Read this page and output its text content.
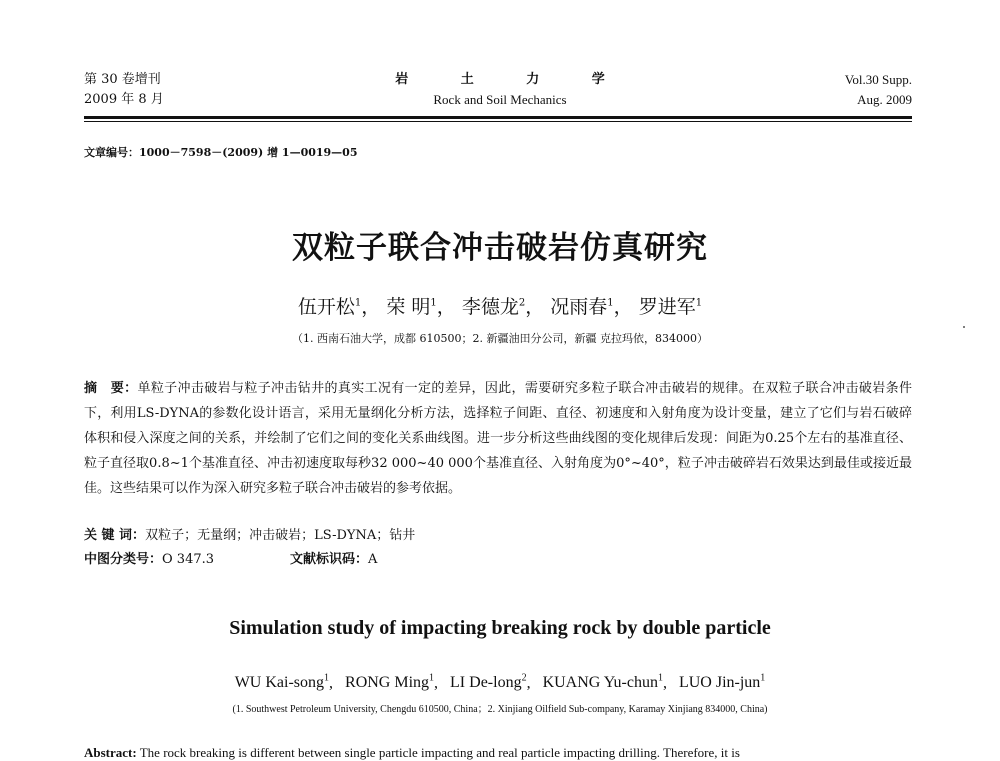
第 30 卷增刊
2009 年 8 月
岩 土 力 学
Rock and Soil Mechanics
Vol.30 Supp.
Aug. 2009
文章编号：1000－7598－(2009) 增 1—0019—05
双粒子联合冲击破岩仿真研究
伍开松$^1$， 荣 明$^1$， 李德龙$^2$， 况雨春$^1$， 罗进军$^1$
（1. 西南石油大学，成都 610500；2. 新疆油田分公司，新疆 克拉玛依，834000）
摘　要：单粒子冲击破岩与粒子冲击钻井的真实工况有一定的差异，因此，需要研究多粒子联合冲击破岩的规律。在双粒子联合冲击破岩条件下，利用LS-DYNA的参数化设计语言，采用无量纲化分析方法，选择粒子间距、直径、初速度和入射角度为设计变量，建立了它们与岩石破碎体积和侵入深度之间的关系，并绘制了它们之间的变化关系曲线图。进一步分析这些曲线图的变化规律后发现：间距为0.25个左右的基准直径、粒子直径取0.8~1个基准直径、冲击初速度取每秒32 000~40 000个基准直径、入射角度为0°~40°，粒子冲击破碎岩石效果达到最佳或接近最佳。这些结果可以作为深入研究多粒子联合冲击破岩的参考依据。
关 键 词：双粒子；无量纲；冲击破岩；LS-DYNA；钻井
中图分类号：O 347.3	文献标识码：A
Simulation study of impacting breaking rock by double particle
WU Kai-song$^1$, RONG Ming$^1$, LI De-long$^2$, KUANG Yu-chun$^1$, LUO Jin-jun$^1$
(1. Southwest Petroleum University, Chengdu 610500, China；2. Xinjiang Oilfield Sub-company, Karamay Xinjiang 834000, China)
Abstract: The rock breaking is different between single particle impacting and real particle impacting drilling. Therefore, it is
